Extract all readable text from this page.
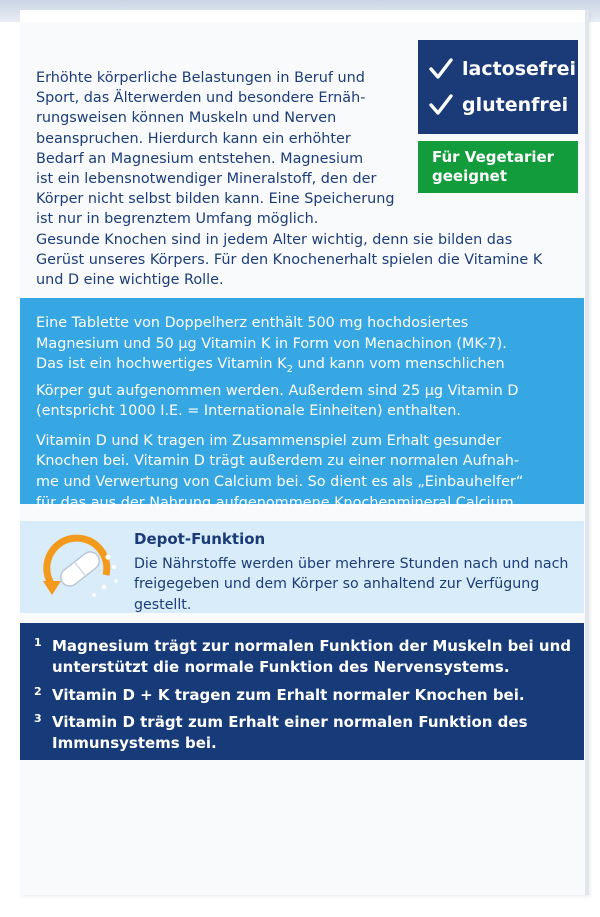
Erhöhte körperliche Belastungen in Beruf und
Sport, das Älterwerden und besondere Ernäh-
rungsweisen können Muskeln und Nerven
beanspruchen. Hierdurch kann ein erhöhter
Bedarf an Magnesium entstehen. Magnesium
ist ein lebensnotwendiger Mineralstoff, den der
Körper nicht selbst bilden kann. Eine Speicherung
ist nur in begrenztem Umfang möglich.

Gesunde Knochen sind in jedem Alter wichtig, denn sie bilden das
Gerüst unseres Körpers. Für den Knochenerhalt spielen die Vitamine K
und D eine wichtige Rolle.

lactosefrei
glutenfrei
Für Vegetarier
geeignet

Eine Tablette von Doppelherz enthält 500 mg hochdosiertes
Magnesium und 50 µg Vitamin K in Form von Menachinon (MK-7).
Das ist ein hochwertiges Vitamin $K_2$ und kann vom menschlichen
Körper gut aufgenommen werden. Außerdem sind 25 µg Vitamin D
(entspricht 1000 I.E. = Internationale Einheiten) enthalten.

Vitamin D und K tragen im Zusammenspiel zum Erhalt gesunder
Knochen bei. Vitamin D trägt außerdem zu einer normalen Aufnah-
me und Verwertung von Calcium bei. So dient es als „Einbauhelfer“
für das aus der Nahrung aufgenommene Knochenmineral Calcium.

Depot-Funktion
Die Nährstoffe werden über mehrere Stunden nach und nach freigegeben und dem Körper so anhaltend zur Verfügung gestellt.
1 Magnesium trägt zur normalen Funktion der Muskeln bei und
unterstützt die normale Funktion des Nervensystems.
2 Vitamin D + K tragen zum Erhalt normaler Knochen bei.
3 Vitamin D trägt zum Erhalt einer normalen Funktion des
Immunsystems bei.
